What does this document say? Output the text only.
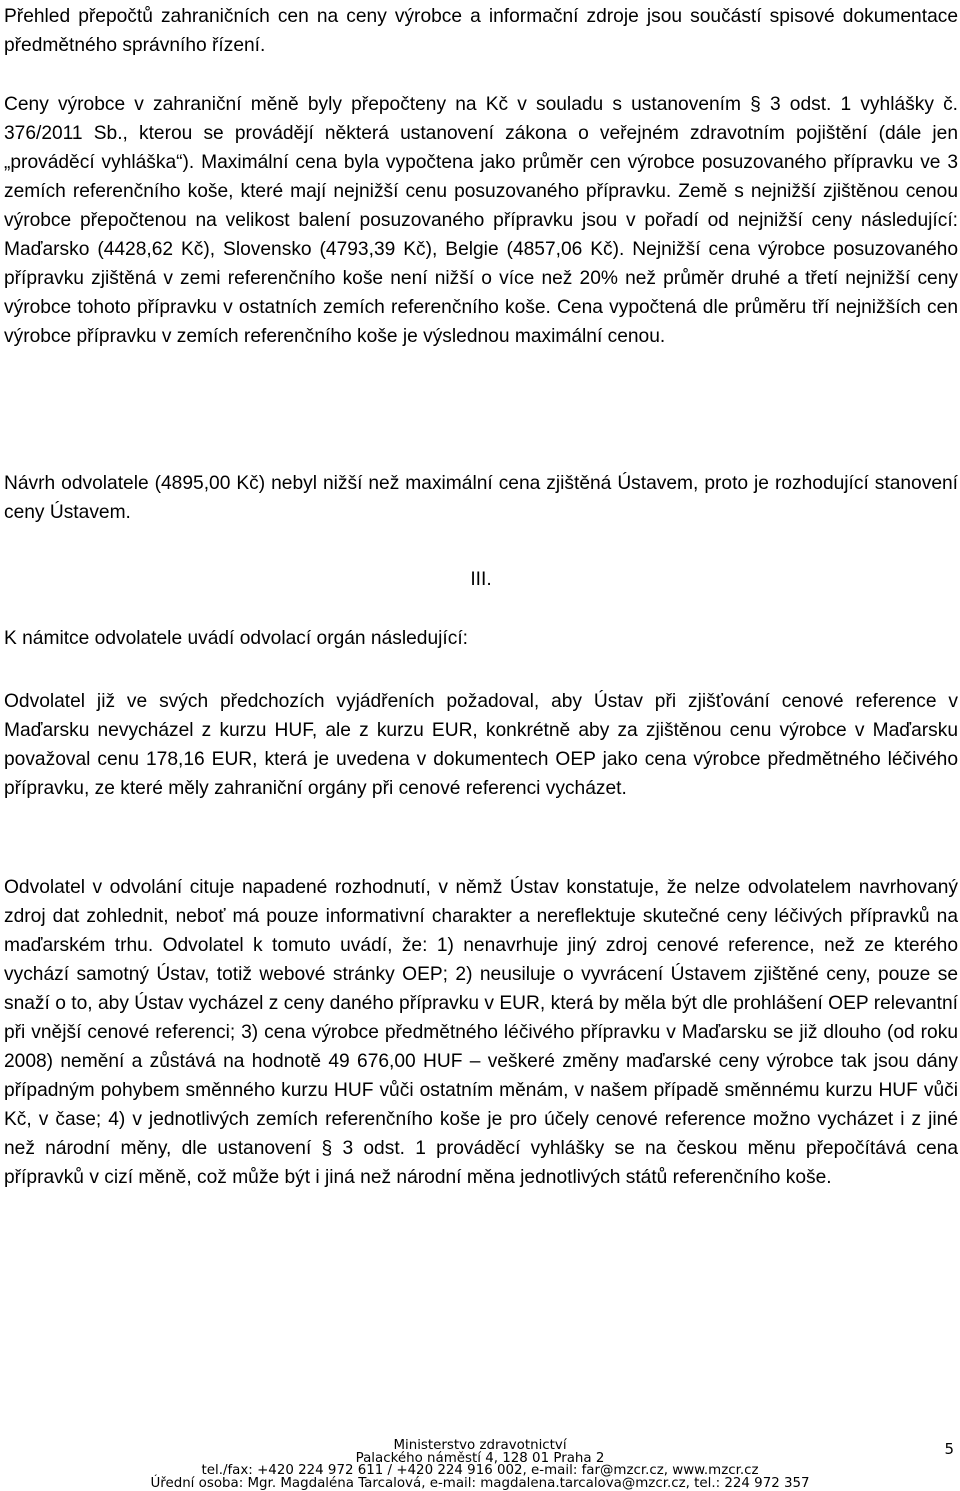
Přehled přepočtů zahraničních cen na ceny výrobce a informační zdroje jsou součástí spisové dokumentace předmětného správního řízení.

Ceny výrobce v zahraniční měně byly přepočteny na Kč v souladu s ustanovením § 3 odst. 1 vyhlášky č. 376/2011 Sb., kterou se provádějí některá ustanovení zákona o veřejném zdravotním pojištění (dále jen „prováděcí vyhláška“). Maximální cena byla vypočtena jako průměr cen výrobce posuzovaného přípravku ve 3 zemích referenčního koše, které mají nejnižší cenu posuzovaného přípravku. Země s nejnižší zjištěnou cenou výrobce přepočtenou na velikost balení posuzovaného přípravku jsou v pořadí od nejnižší ceny následující: Maďarsko (4428,62 Kč), Slovensko (4793,39 Kč), Belgie (4857,06 Kč). Nejnižší cena výrobce posuzovaného přípravku zjištěná v zemi referenčního koše není nižší o více než 20% než průměr druhé a třetí nejnižší ceny výrobce tohoto přípravku v ostatních zemích referenčního koše. Cena vypočtená dle průměru tří nejnižších cen výrobce přípravku v zemích referenčního koše je výslednou maximální cenou.

Návrh odvolatele (4895,00 Kč) nebyl nižší než maximální cena zjištěná Ústavem, proto je rozhodující stanovení ceny Ústavem.

III.

K námitce odvolatele uvádí odvolací orgán následující:

Odvolatel již ve svých předchozích vyjádřeních požadoval, aby Ústav při zjišťování cenové reference v Maďarsku nevycházel z kurzu HUF, ale z kurzu EUR, konkrétně aby za zjištěnou cenu výrobce v Maďarsku považoval cenu 178,16 EUR, která je uvedena v dokumentech OEP jako cena výrobce předmětného léčivého přípravku, ze které měly zahraniční orgány při cenové referenci vycházet.

Odvolatel v odvolání cituje napadené rozhodnutí, v němž Ústav konstatuje, že nelze odvolatelem navrhovaný zdroj dat zohlednit, neboť má pouze informativní charakter a nereflektuje skutečné ceny léčivých přípravků na maďarském trhu. Odvolatel k tomuto uvádí, že: 1) nenavrhuje jiný zdroj cenové reference, než ze kterého vychází samotný Ústav, totiž webové stránky OEP; 2) neusiluje o vyvrácení Ústavem zjištěné ceny, pouze se snaží o to, aby Ústav vycházel z ceny daného přípravku v EUR, která by měla být dle prohlášení OEP relevantní při vnější cenové referenci; 3) cena výrobce předmětného léčivého přípravku v Maďarsku se již dlouho (od roku 2008) nemění a zůstává na hodnotě 49 676,00 HUF – veškeré změny maďarské ceny výrobce tak jsou dány případným pohybem směnného kurzu HUF vůči ostatním měnám, v našem případě směnnému kurzu HUF vůči Kč, v čase; 4) v jednotlivých zemích referenčního koše je pro účely cenové reference možno vycházet i z jiné než národní měny, dle ustanovení § 3 odst. 1 prováděcí vyhlášky se na českou měnu přepočítává cena přípravků v cizí měně, což může být i jiná než národní měna jednotlivých států referenčního koše.

Ministerstvo zdravotnictví
Palackého náměstí 4, 128 01 Praha 2
tel./fax: +420 224 972 611 / +420 224 916 002, e-mail: far@mzcr.cz, www.mzcr.cz
Úřední osoba: Mgr. Magdaléna Tarcalová, e-mail: magdalena.tarcalova@mzcr.cz, tel.: 224 972 357
5
